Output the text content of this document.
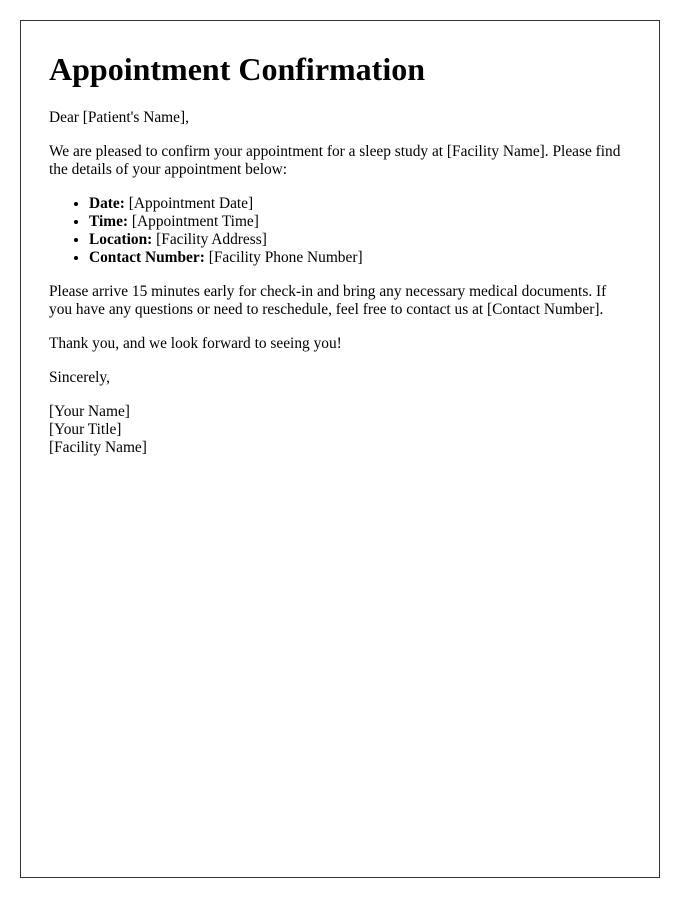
Appointment Confirmation

Dear [Patient's Name],

We are pleased to confirm your appointment for a sleep study at [Facility Name]. Please find the details of your appointment below:

• Date: [Appointment Date]
• Time: [Appointment Time]
• Location: [Facility Address]
• Contact Number: [Facility Phone Number]

Please arrive 15 minutes early for check-in and bring any necessary medical documents. If you have any questions or need to reschedule, feel free to contact us at [Contact Number].

Thank you, and we look forward to seeing you!

Sincerely,

[Your Name]
[Your Title]
[Facility Name]
